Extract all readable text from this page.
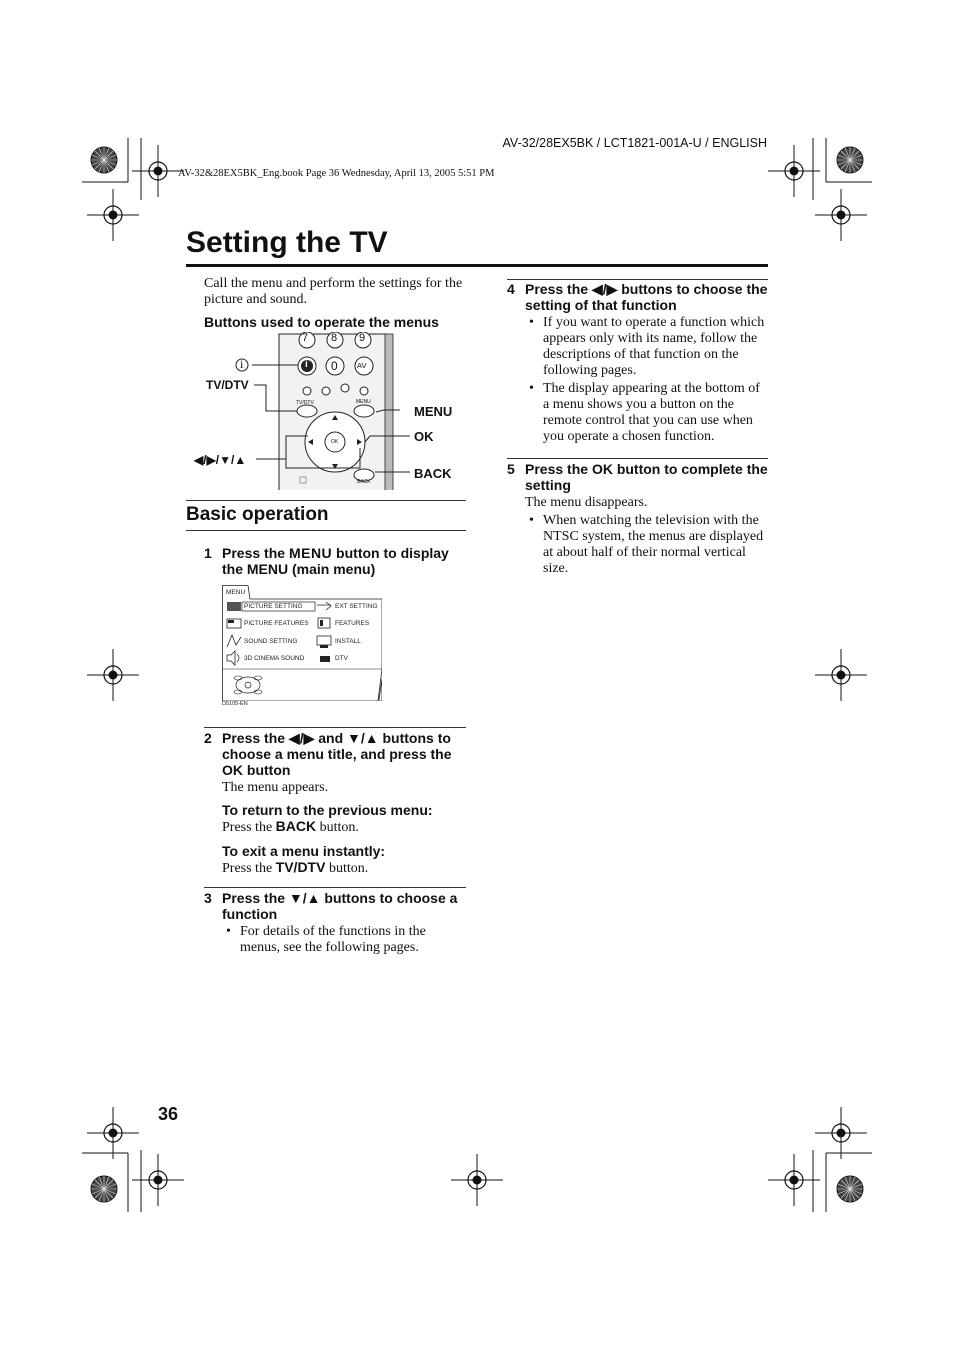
AV-32/28EX5BK / LCT1821-001A-U / ENGLISH
AV-32&28EX5BK_Eng.book Page 36 Wednesday, April 13, 2005 5:51 PM
Setting the TV
Call the menu and perform the settings for the picture and sound.
Buttons used to operate the menus
7 8 9
i 0	AV
TV/DTV	MENU
OK
BACK
i
TV/DTV
MENU
OK
BACK
◀/▶/▼/▲
Basic operation
1 Press the MENU button to display the MENU (main menu)
MENU
PICTURE SETTING
PICTURE FEATURES
SOUND SETTING
3D CINEMA SOUND
EXT SETTING
FEATURES
INSTALL
DTV
D5105-EN
2 Press the ◀/▶ and ▼/▲ buttons to choose a menu title, and press the OK button
The menu appears.
To return to the previous menu:
Press the BACK button.
To exit a menu instantly:
Press the TV/DTV button.
3 Press the ▼/▲ buttons to choose a function
• For details of the functions in the menus, see the following pages.
4 Press the ◀/▶ buttons to choose the setting of that function
• If you want to operate a function which appears only with its name, follow the descriptions of that function on the following pages.
• The display appearing at the bottom of a menu shows you a button on the remote control that you can use when you operate a chosen function.
5 Press the OK button to complete the setting
The menu disappears.
• When watching the television with the NTSC system, the menus are displayed at about half of their normal vertical size.
36
